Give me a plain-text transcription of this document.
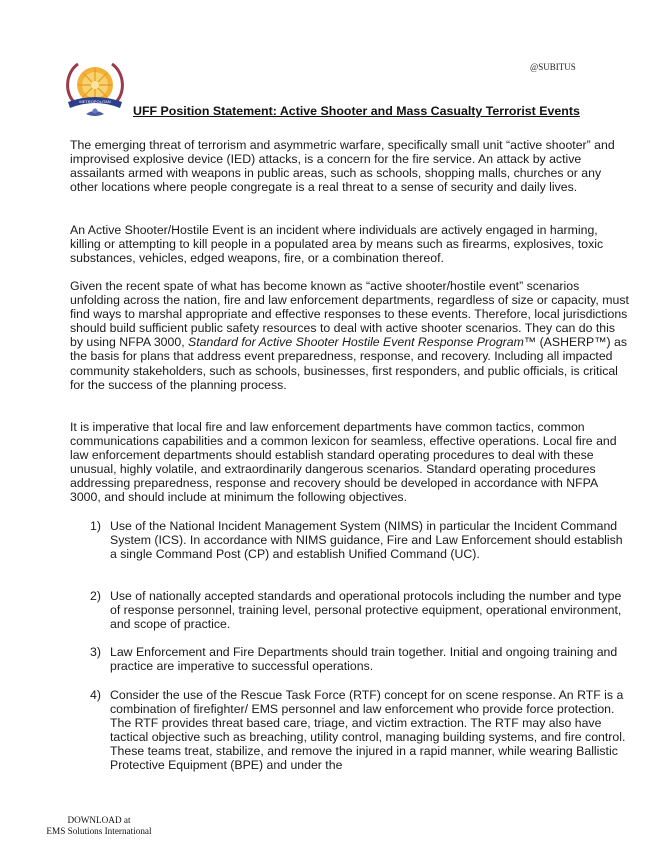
@SUBITUS
METROPOLITAN
UFF Position Statement: Active Shooter and Mass Casualty Terrorist Events

The emerging threat of terrorism and asymmetric warfare, specifically small unit “active shooter” and improvised explosive device (IED) attacks, is a concern for the fire service. An attack by active assailants armed with weapons in public areas, such as schools, shopping malls, churches or any other locations where people congregate is a real threat to a sense of security and daily lives.

An Active Shooter/Hostile Event is an incident where individuals are actively engaged in harming, killing or attempting to kill people in a populated area by means such as firearms, explosives, toxic substances, vehicles, edged weapons, fire, or a combination thereof.

Given the recent spate of what has become known as “active shooter/hostile event” scenarios unfolding across the nation, fire and law enforcement departments, regardless of size or capacity, must find ways to marshal appropriate and effective responses to these events. Therefore, local jurisdictions should build sufficient public safety resources to deal with active shooter scenarios. They can do this by using NFPA 3000, Standard for Active Shooter Hostile Event Response Program™ (ASHERP™) as the basis for plans that address event preparedness, response, and recovery. Including all impacted community stakeholders, such as schools, businesses, first responders, and public officials, is critical for the success of the planning process.

It is imperative that local fire and law enforcement departments have common tactics, common communications capabilities and a common lexicon for seamless, effective operations. Local fire and law enforcement departments should establish standard operating procedures to deal with these unusual, highly volatile, and extraordinarily dangerous scenarios. Standard operating procedures addressing preparedness, response and recovery should be developed in accordance with NFPA 3000, and should include at minimum the following objectives.

1) Use of the National Incident Management System (NIMS) in particular the Incident Command System (ICS). In accordance with NIMS guidance, Fire and Law Enforcement should establish a single Command Post (CP) and establish Unified Command (UC).
2) Use of nationally accepted standards and operational protocols including the number and type of response personnel, training level, personal protective equipment, operational environment, and scope of practice.
3) Law Enforcement and Fire Departments should train together. Initial and ongoing training and practice are imperative to successful operations.
4) Consider the use of the Rescue Task Force (RTF) concept for on scene response. An RTF is a combination of firefighter/ EMS personnel and law enforcement who provide force protection. The RTF provides threat based care, triage, and victim extraction. The RTF may also have tactical objective such as breaching, utility control, managing building systems, and fire control. These teams treat, stabilize, and remove the injured in a rapid manner, while wearing Ballistic Protective Equipment (BPE) and under the
DOWNLOAD at
EMS Solutions International
